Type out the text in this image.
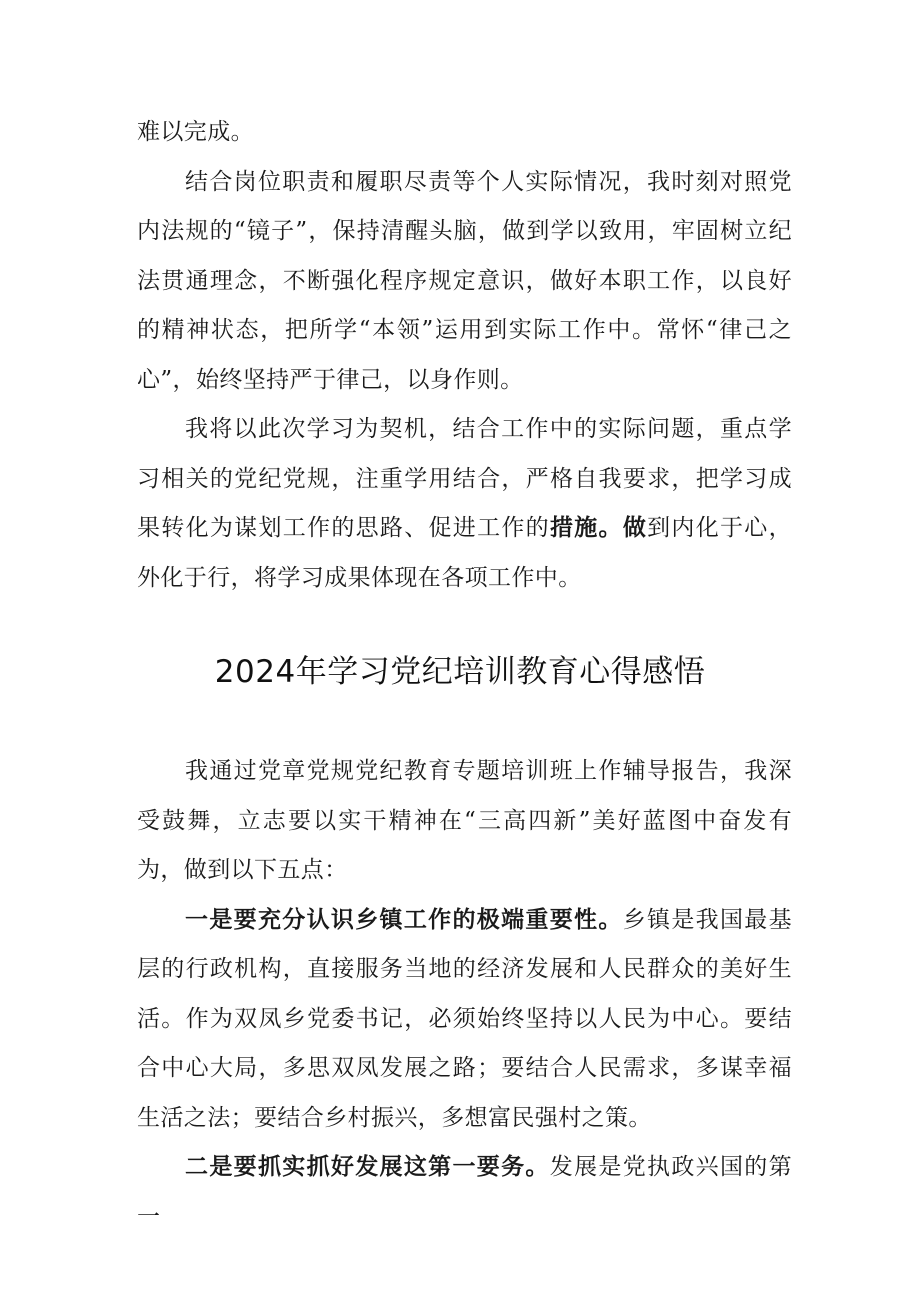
难以完成。

结合岗位职责和履职尽责等个人实际情况，我时刻对照党内法规的“镜子”，保持清醒头脑，做到学以致用，牢固树立纪法贯通理念，不断强化程序规定意识，做好本职工作，以良好的精神状态，把所学“本领”运用到实际工作中。常怀“律己之心”，始终坚持严于律己，以身作则。

我将以此次学习为契机，结合工作中的实际问题，重点学习相关的党纪党规，注重学用结合，严格自我要求，把学习成果转化为谋划工作的思路、促进工作的措施。做到内化于心，外化于行，将学习成果体现在各项工作中。

2024年学习党纪培训教育心得感悟

我通过党章党规党纪教育专题培训班上作辅导报告，我深受鼓舞，立志要以实干精神在“三高四新”美好蓝图中奋发有为，做到以下五点：

一是要充分认识乡镇工作的极端重要性。乡镇是我国最基层的行政机构，直接服务当地的经济发展和人民群众的美好生活。作为双凤乡党委书记，必须始终坚持以人民为中心。要结合中心大局，多思双凤发展之路；要结合人民需求，多谋幸福生活之法；要结合乡村振兴，多想富民强村之策。

二是要抓实抓好发展这第一要务。发展是党执政兴国的第一
